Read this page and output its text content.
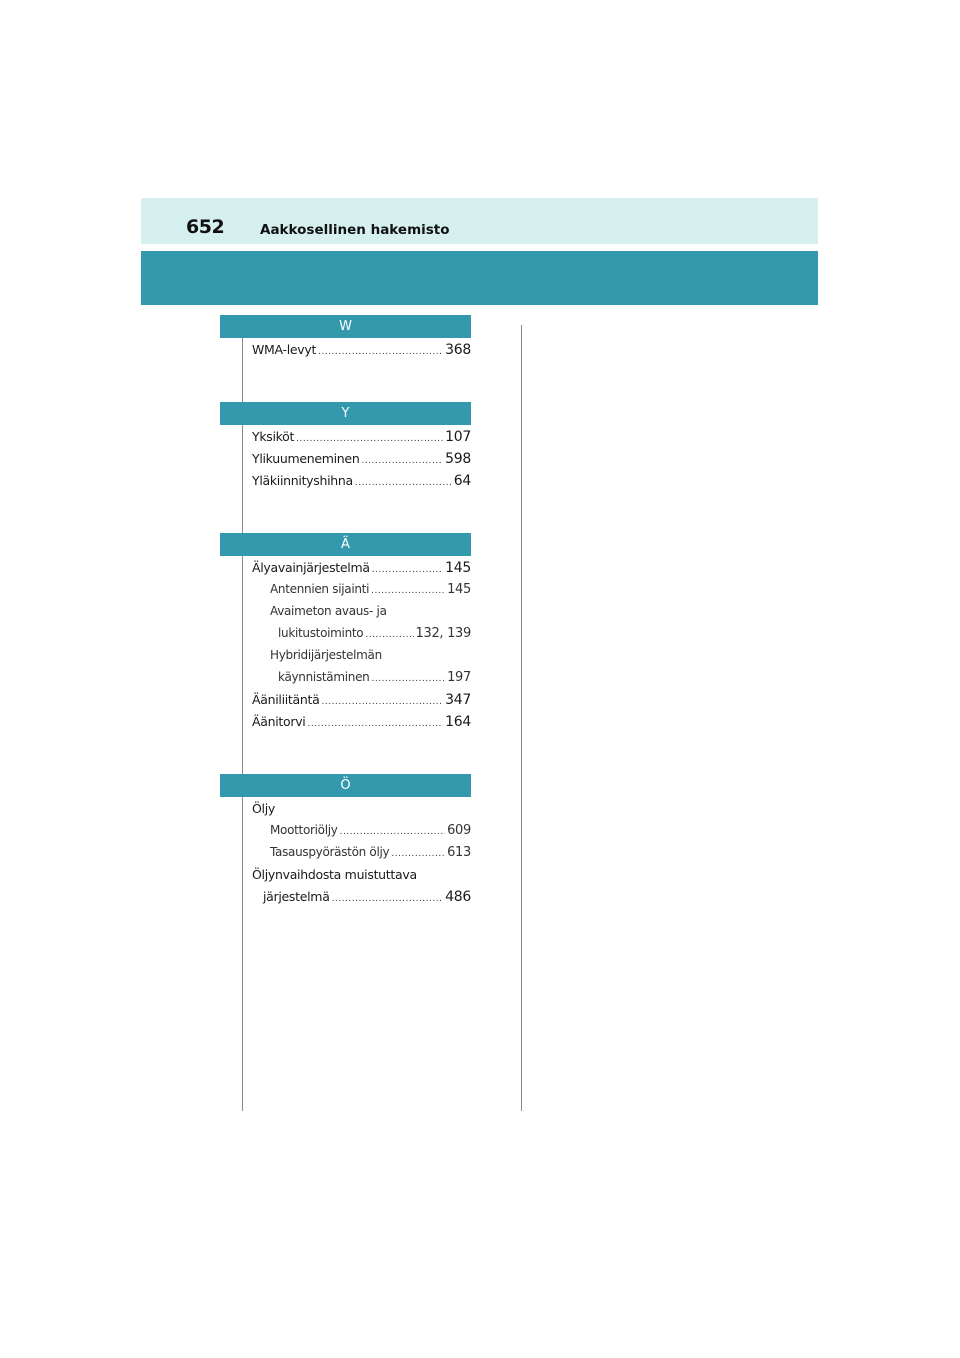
652	Aakkosellinen hakemisto
W
WMA-levyt .....	368
Y
Yksiköt .....	107
Ylikuumeneminen .....	598
Yläkiinnityshihna .....	64
Ä
Älyavainjärjestelmä .....	145
Antennien sijainti .....	145
Avaimeton avaus- ja
lukitustoiminto .....	132, 139
Hybridijärjestelmän
käynnistäminen .....	197
Ääniliitäntä .....	347
Äänitorvi .....	164
Ö
Öljy
Moottoriöljy .....	609
Tasauspyörästön öljy .....	613
Öljynvaihdosta muistuttava
järjestelmä .....	486
